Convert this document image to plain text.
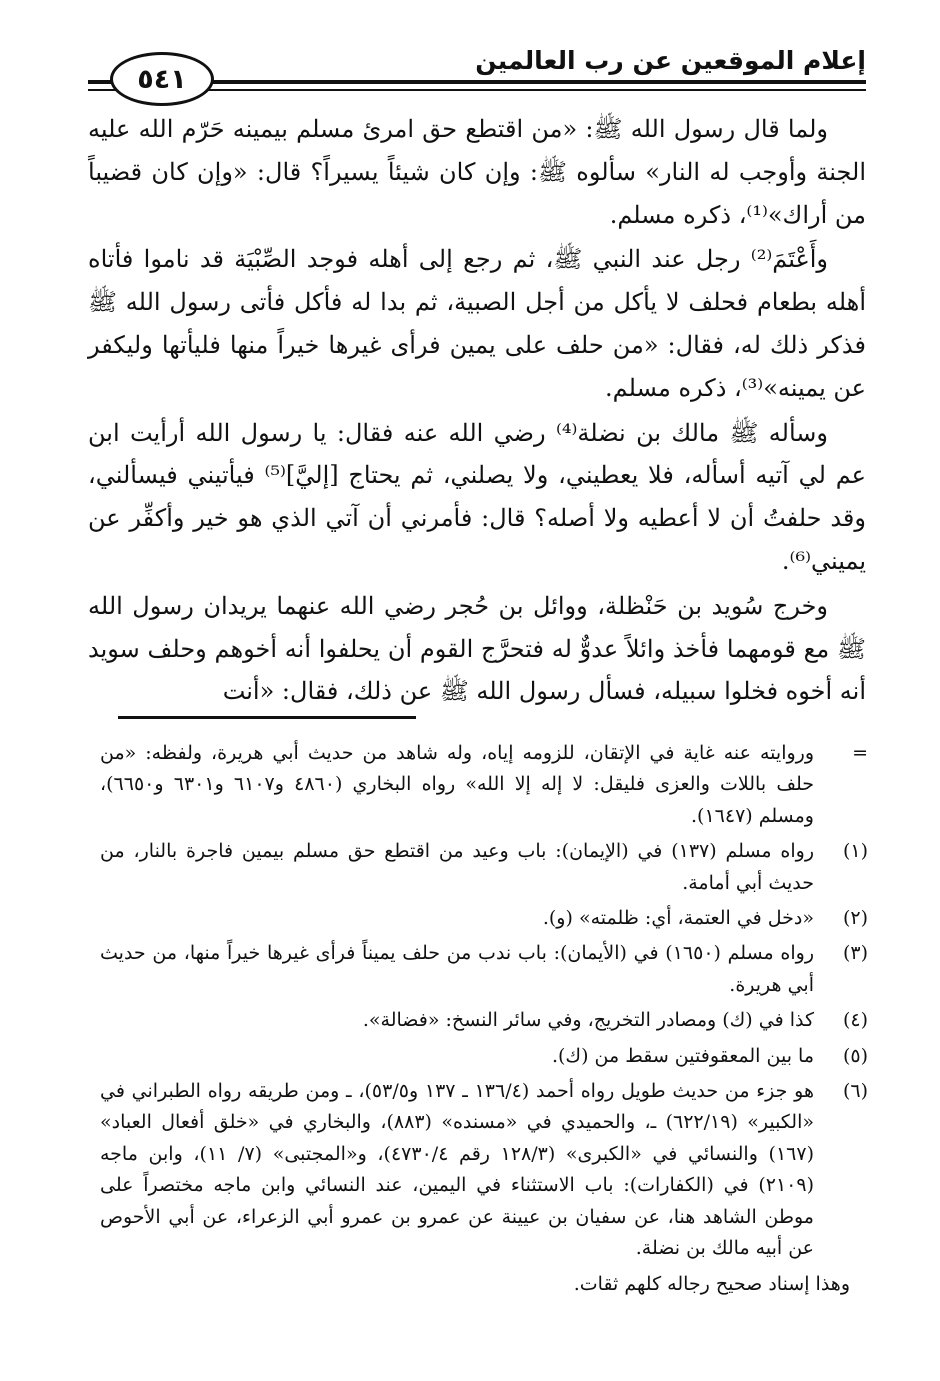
إعلام الموقعين عن رب العالمين
٥٤١

ولما قال رسول الله ﷺ: «من اقتطع حق امرئ مسلم بيمينه حَرّم الله عليه الجنة وأوجب له النار» سألوه ﷺ: وإن كان شيئاً يسيراً؟ قال: «وإن كان قضيباً من أراك»⁽¹⁾، ذكره مسلم.

وأَعْتَمَ⁽²⁾ رجل عند النبي ﷺ، ثم رجع إلى أهله فوجد الصِّبْيَة قد ناموا فأتاه أهله بطعام فحلف لا يأكل من أجل الصبية، ثم بدا له فأكل فأتى رسول الله ﷺ فذكر ذلك له، فقال: «من حلف على يمين فرأى غيرها خيراً منها فليأتها وليكفر عن يمينه»⁽³⁾، ذكره مسلم.

وسأله ﷺ مالك بن نضلة⁽⁴⁾ رضي الله عنه فقال: يا رسول الله أرأيت ابن عم لي آتيه أسأله، فلا يعطيني، ولا يصلني، ثم يحتاج [إليَّ]⁽⁵⁾ فيأتيني فيسألني، وقد حلفتُ أن لا أعطيه ولا أصله؟ قال: فأمرني أن آتي الذي هو خير وأكفِّر عن يميني⁽⁶⁾.

وخرج سُويد بن حَنْظلة، ووائل بن حُجر رضي الله عنهما يريدان رسول الله ﷺ مع قومهما فأخذ وائلاً عدوٌّ له فتحرَّج القوم أن يحلفوا أنه أخوهم وحلف سويد أنه أخوه فخلوا سبيله، فسأل رسول الله ﷺ عن ذلك، فقال: «أنت

=
وروايته عنه غاية في الإتقان، للزومه إياه، وله شاهد من حديث أبي هريرة، ولفظه: «من حلف باللات والعزى فليقل: لا إله إلا الله» رواه البخاري (٤٨٦٠ و٦١٠٧ و٦٣٠١ و٦٦٥٠)، ومسلم (١٦٤٧).
(١)
رواه مسلم (١٣٧) في (الإيمان): باب وعيد من اقتطع حق مسلم بيمين فاجرة بالنار، من حديث أبي أمامة.
(٢)
«دخل في العتمة، أي: ظلمته» (و).
(٣)
رواه مسلم (١٦٥٠) في (الأيمان): باب ندب من حلف يميناً فرأى غيرها خيراً منها، من حديث أبي هريرة.
(٤)
كذا في (ك) ومصادر التخريج، وفي سائر النسخ: «فضالة».
(٥)
ما بين المعقوفتين سقط من (ك).
(٦)
هو جزء من حديث طويل رواه أحمد (١٣٦/٤ ـ ١٣٧ و٥٣/٥)، ـ ومن طريقه رواه الطبراني في «الكبير» (٦٢٢/١٩) ـ، والحميدي في «مسنده» (٨٨٣)، والبخاري في «خلق أفعال العباد» (١٦٧) والنسائي في «الكبرى» (١٢٨/٣ رقم ٤٧٣٠/٤)، و«المجتبى» (٧/ ١١)، وابن ماجه (٢١٠٩) في (الكفارات): باب الاستثناء في اليمين، عند النسائي وابن ماجه مختصراً على موطن الشاهد هنا، عن سفيان بن عيينة عن عمرو بن عمرو أبي الزعراء، عن أبي الأحوص عن أبيه مالك بن نضلة.
وهذا إسناد صحيح رجاله كلهم ثقات.
